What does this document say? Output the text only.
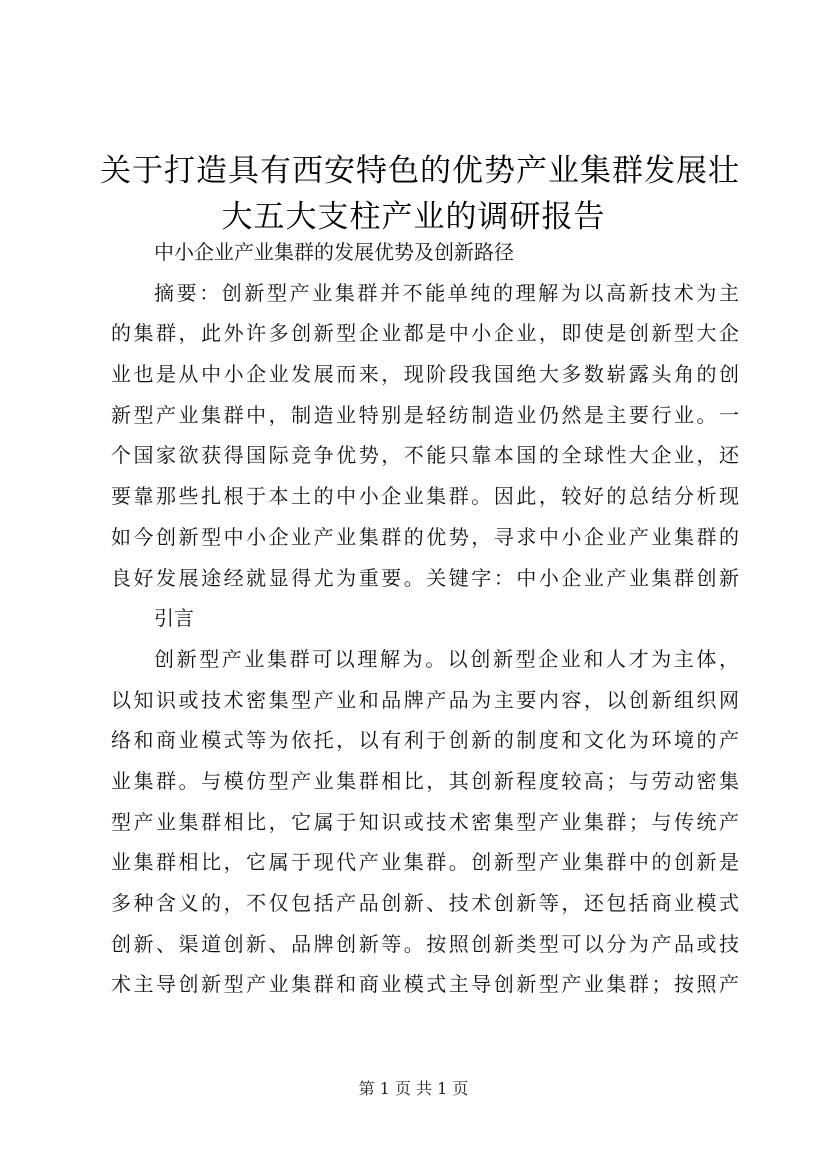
关于打造具有西安特色的优势产业集群发展壮
大五大支柱产业的调研报告
中小企业产业集群的发展优势及创新路径
摘要：创新型产业集群并不能单纯的理解为以高新技术为主
的集群，此外许多创新型企业都是中小企业，即使是创新型大企
业也是从中小企业发展而来，现阶段我国绝大多数崭露头角的创
新型产业集群中，制造业特别是轻纺制造业仍然是主要行业。一
个国家欲获得国际竞争优势，不能只靠本国的全球性大企业，还
要靠那些扎根于本土的中小企业集群。因此，较好的总结分析现
如今创新型中小企业产业集群的优势，寻求中小企业产业集群的
良好发展途经就显得尤为重要。关键字：中小企业产业集群创新
引言
创新型产业集群可以理解为。以创新型企业和人才为主体，
以知识或技术密集型产业和品牌产品为主要内容，以创新组织网
络和商业模式等为依托，以有利于创新的制度和文化为环境的产
业集群。与模仿型产业集群相比，其创新程度较高；与劳动密集
型产业集群相比，它属于知识或技术密集型产业集群；与传统产
业集群相比，它属于现代产业集群。创新型产业集群中的创新是
多种含义的，不仅包括产品创新、技术创新等，还包括商业模式
创新、渠道创新、品牌创新等。按照创新类型可以分为产品或技
术主导创新型产业集群和商业模式主导创新型产业集群；按照产
第 1 页 共 1 页
